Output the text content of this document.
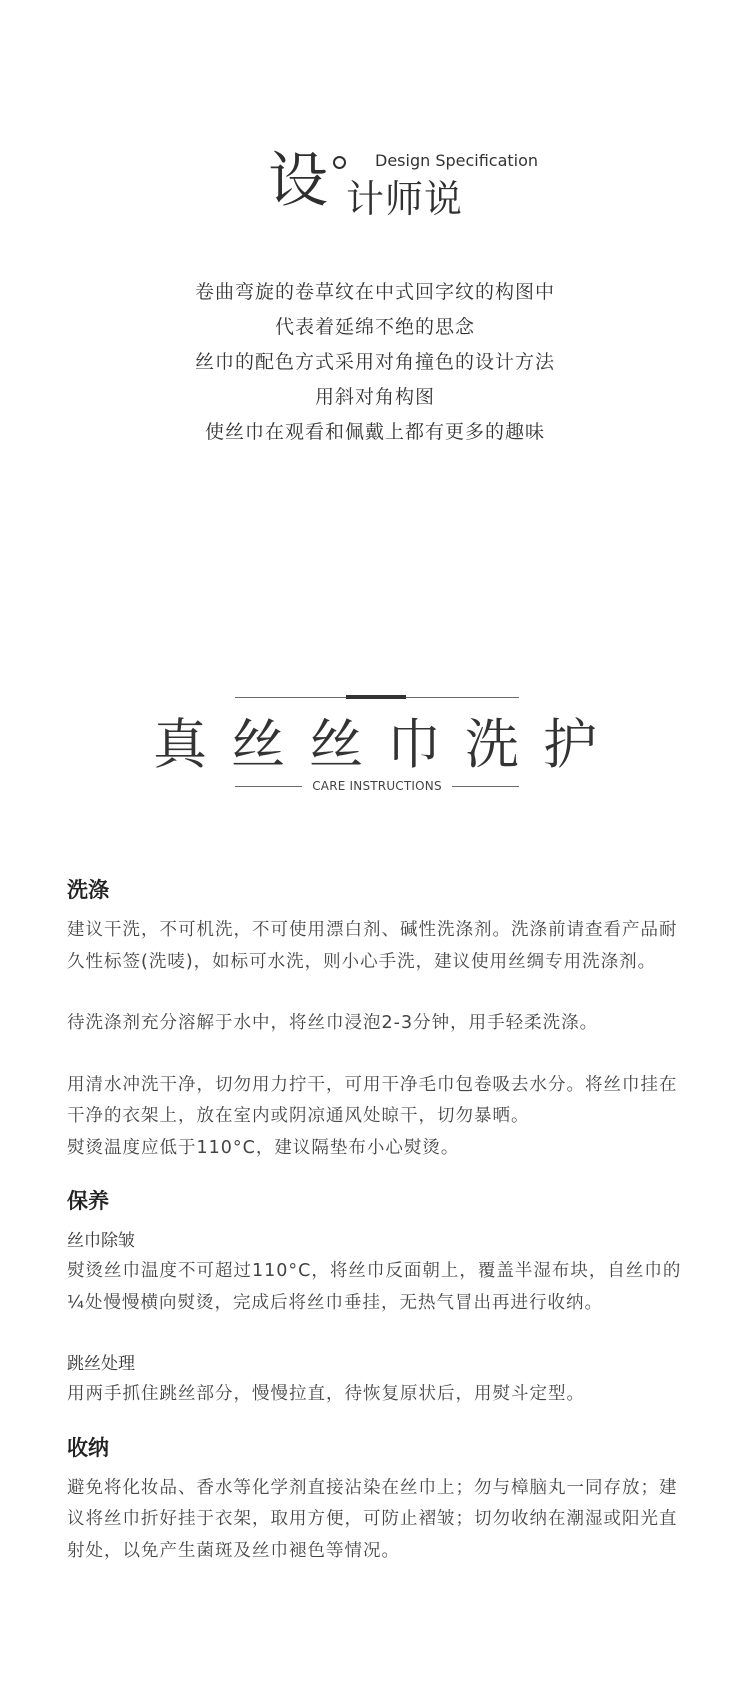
设	Design Specification
计师说
卷曲弯旋的卷草纹在中式回字纹的构图中
代表着延绵不绝的思念
丝巾的配色方式采用对角撞色的设计方法
用斜对角构图
使丝巾在观看和佩戴上都有更多的趣味
真丝丝巾洗护
CARE INSTRUCTIONS
洗涤

建议干洗，不可机洗，不可使用漂白剂、碱性洗涤剂。洗涤前请查看产品耐久性标签(洗唛)，如标可水洗，则小心手洗，建议使用丝绸专用洗涤剂。

待洗涤剂充分溶解于水中，将丝巾浸泡2-3分钟，用手轻柔洗涤。

用清水冲洗干净，切勿用力拧干，可用干净毛巾包卷吸去水分。将丝巾挂在干净的衣架上，放在室内或阴凉通风处晾干，切勿暴晒。

熨烫温度应低于110°C，建议隔垫布小心熨烫。

保养
丝巾除皱

熨烫丝巾温度不可超过110°C，将丝巾反面朝上，覆盖半湿布块，自丝巾的¼处慢慢横向熨烫，完成后将丝巾垂挂，无热气冒出再进行收纳。

跳丝处理

用两手抓住跳丝部分，慢慢拉直，待恢复原状后，用熨斗定型。

收纳

避免将化妆品、香水等化学剂直接沾染在丝巾上；勿与樟脑丸一同存放；建议将丝巾折好挂于衣架，取用方便，可防止褶皱；切勿收纳在潮湿或阳光直射处，以免产生菌斑及丝巾褪色等情况。
